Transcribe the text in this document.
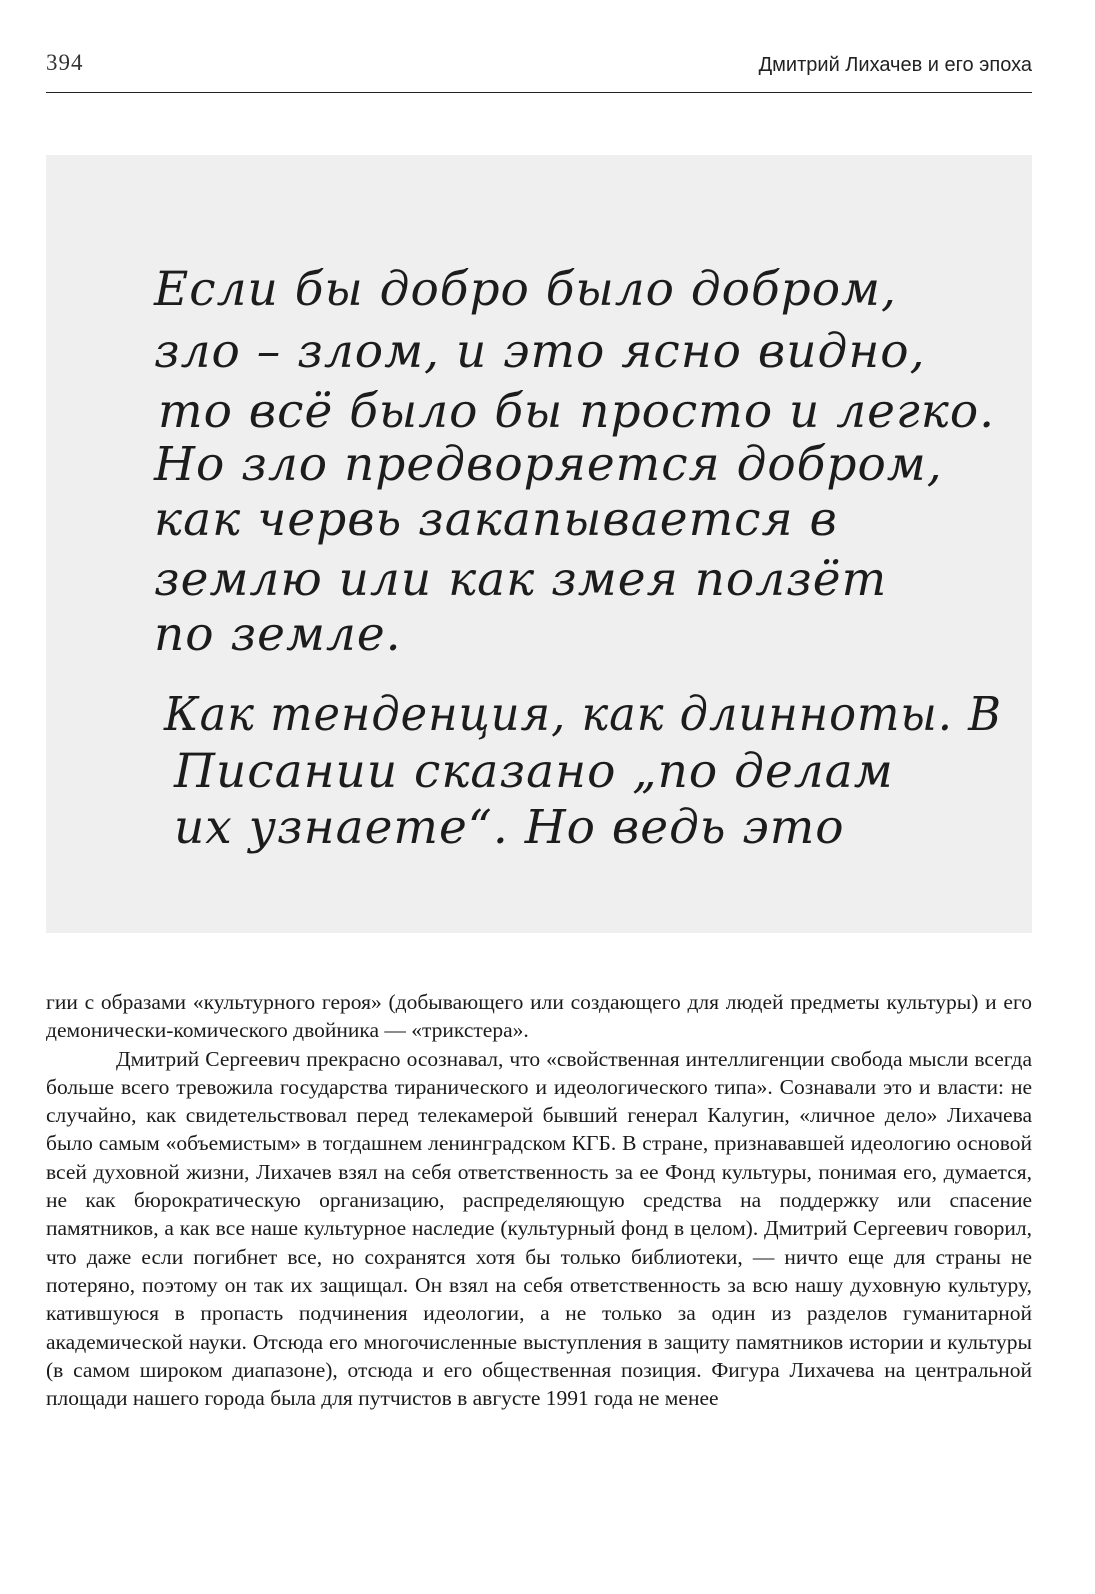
394	Дмитрий Лихачев и его эпоха
Если бы добро было добром,
зло – злом, и это ясно видно,
то всё было бы просто и легко.
Но зло предворяется добром,
как червь закапывается в
землю или как змея ползёт
по земле.
Как тенденция, как длинноты. В
Писании сказано „по делам
их узнаете“. Но ведь это

гии с образами «культурного героя» (добывающего или создающего для людей предметы культуры) и его демонически-комического двойника — «трикстера».

Дмитрий Сергеевич прекрасно осознавал, что «свойственная интеллигенции свобода мысли всегда больше всего тревожила государства тиранического и идеологического типа». Сознавали это и власти: не случайно, как свидетельствовал перед телекамерой бывший генерал Калугин, «личное дело» Лихачева было самым «объемистым» в тогдашнем ленинградском КГБ. В стране, признававшей идеологию основой всей духовной жизни, Лихачев взял на себя ответственность за ее Фонд культуры, понимая его, думается, не как бюрократическую организацию, распределяющую средства на поддержку или спасение памятников, а как все наше культурное наследие (культурный фонд в целом). Дмитрий Сергеевич говорил, что даже если погибнет все, но сохранятся хотя бы только библиотеки, — ничто еще для страны не потеряно, поэтому он так их защищал. Он взял на себя ответственность за всю нашу духовную культуру, катившуюся в пропасть подчинения идеологии, а не только за один из разделов гуманитарной академической науки. Отсюда его многочисленные выступления в защиту памятников истории и культуры (в самом широком диапазоне), отсюда и его общественная позиция. Фигура Лихачева на центральной площади нашего города была для путчистов в августе 1991 года не менее
